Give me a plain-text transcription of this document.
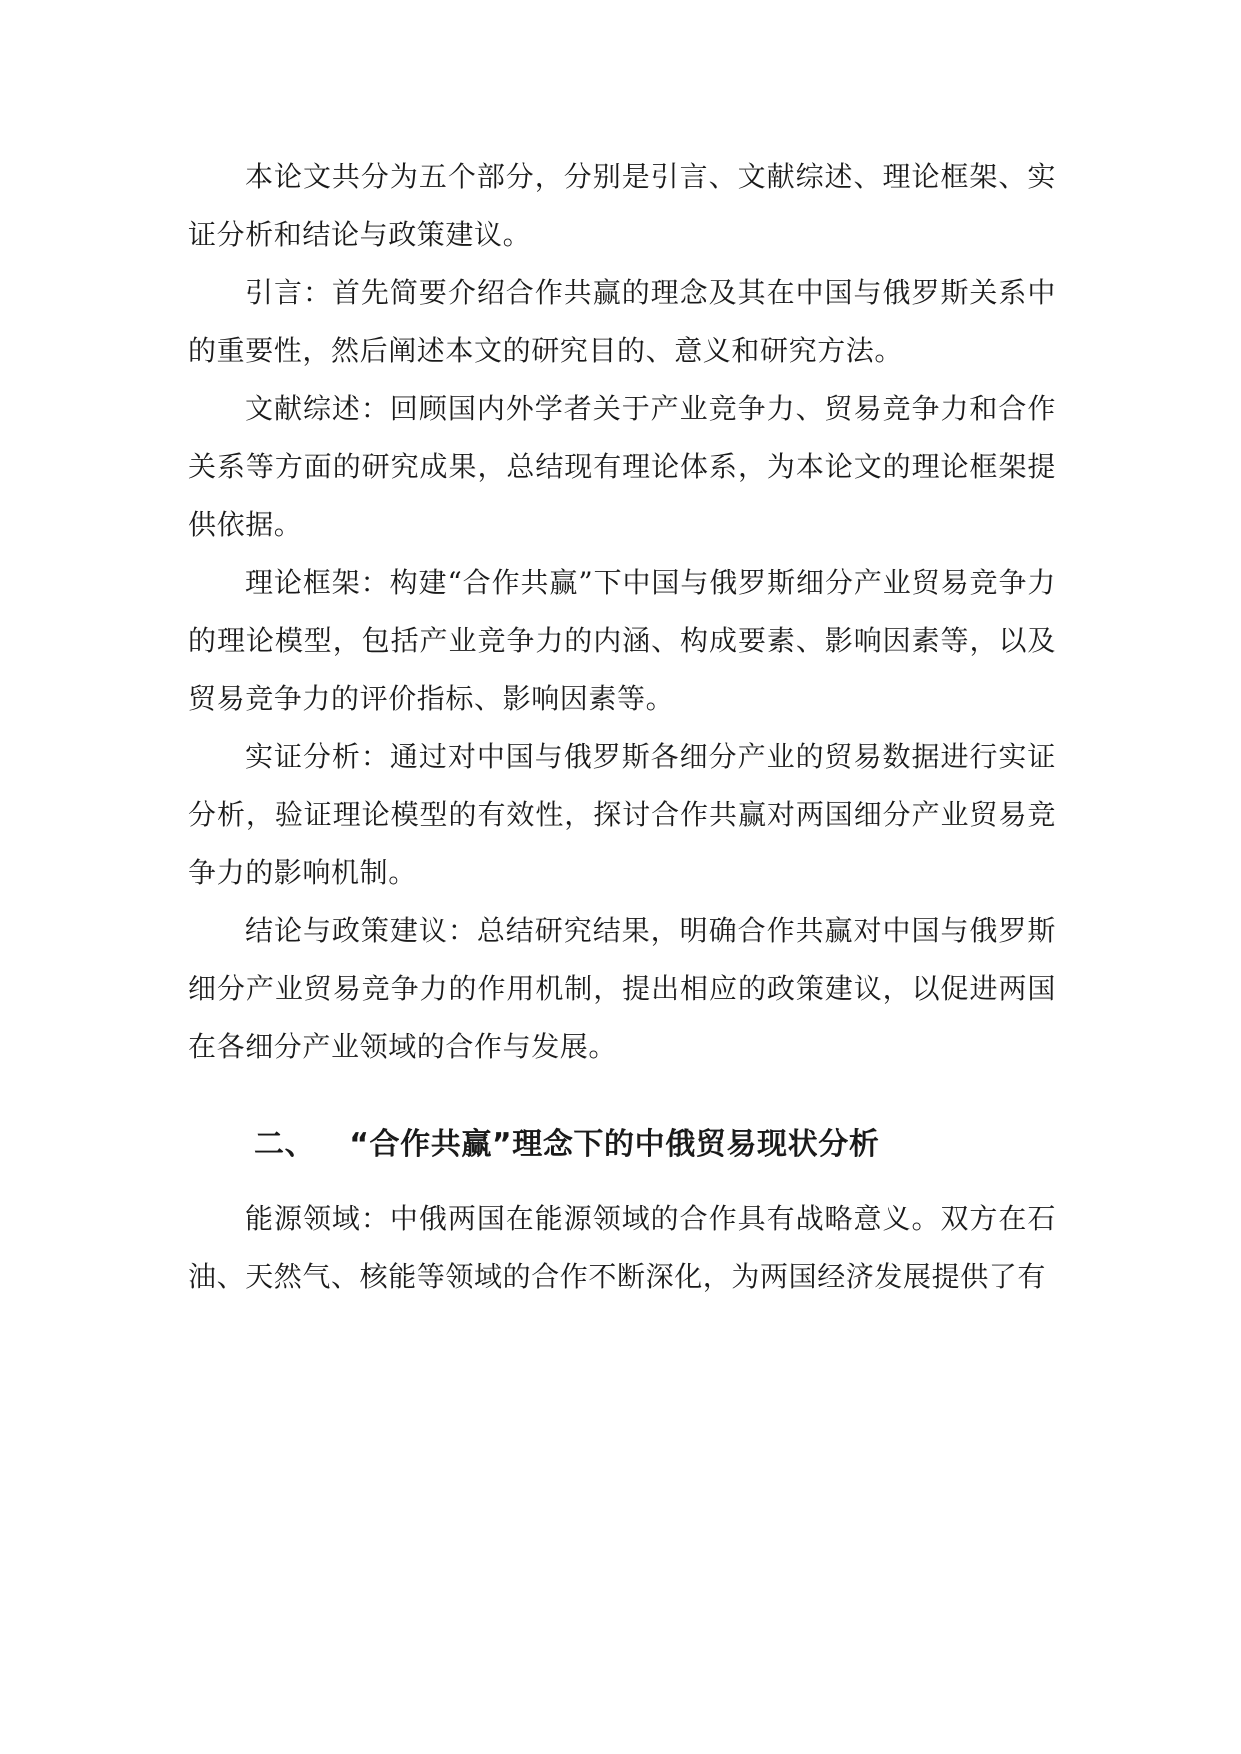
本论文共分为五个部分，分别是引言、文献综述、理论框架、实证分析和结论与政策建议。

引言：首先简要介绍合作共赢的理念及其在中国与俄罗斯关系中的重要性，然后阐述本文的研究目的、意义和研究方法。

文献综述：回顾国内外学者关于产业竞争力、贸易竞争力和合作关系等方面的研究成果，总结现有理论体系，为本论文的理论框架提供依据。

理论框架：构建“合作共赢”下中国与俄罗斯细分产业贸易竞争力的理论模型，包括产业竞争力的内涵、构成要素、影响因素等，以及贸易竞争力的评价指标、影响因素等。

实证分析：通过对中国与俄罗斯各细分产业的贸易数据进行实证分析，验证理论模型的有效性，探讨合作共赢对两国细分产业贸易竞争力的影响机制。

结论与政策建议：总结研究结果，明确合作共赢对中国与俄罗斯细分产业贸易竞争力的作用机制，提出相应的政策建议，以促进两国在各细分产业领域的合作与发展。

二、 “合作共赢”理念下的中俄贸易现状分析

能源领域：中俄两国在能源领域的合作具有战略意义。双方在石油、天然气、核能等领域的合作不断深化，为两国经济发展提供了有
